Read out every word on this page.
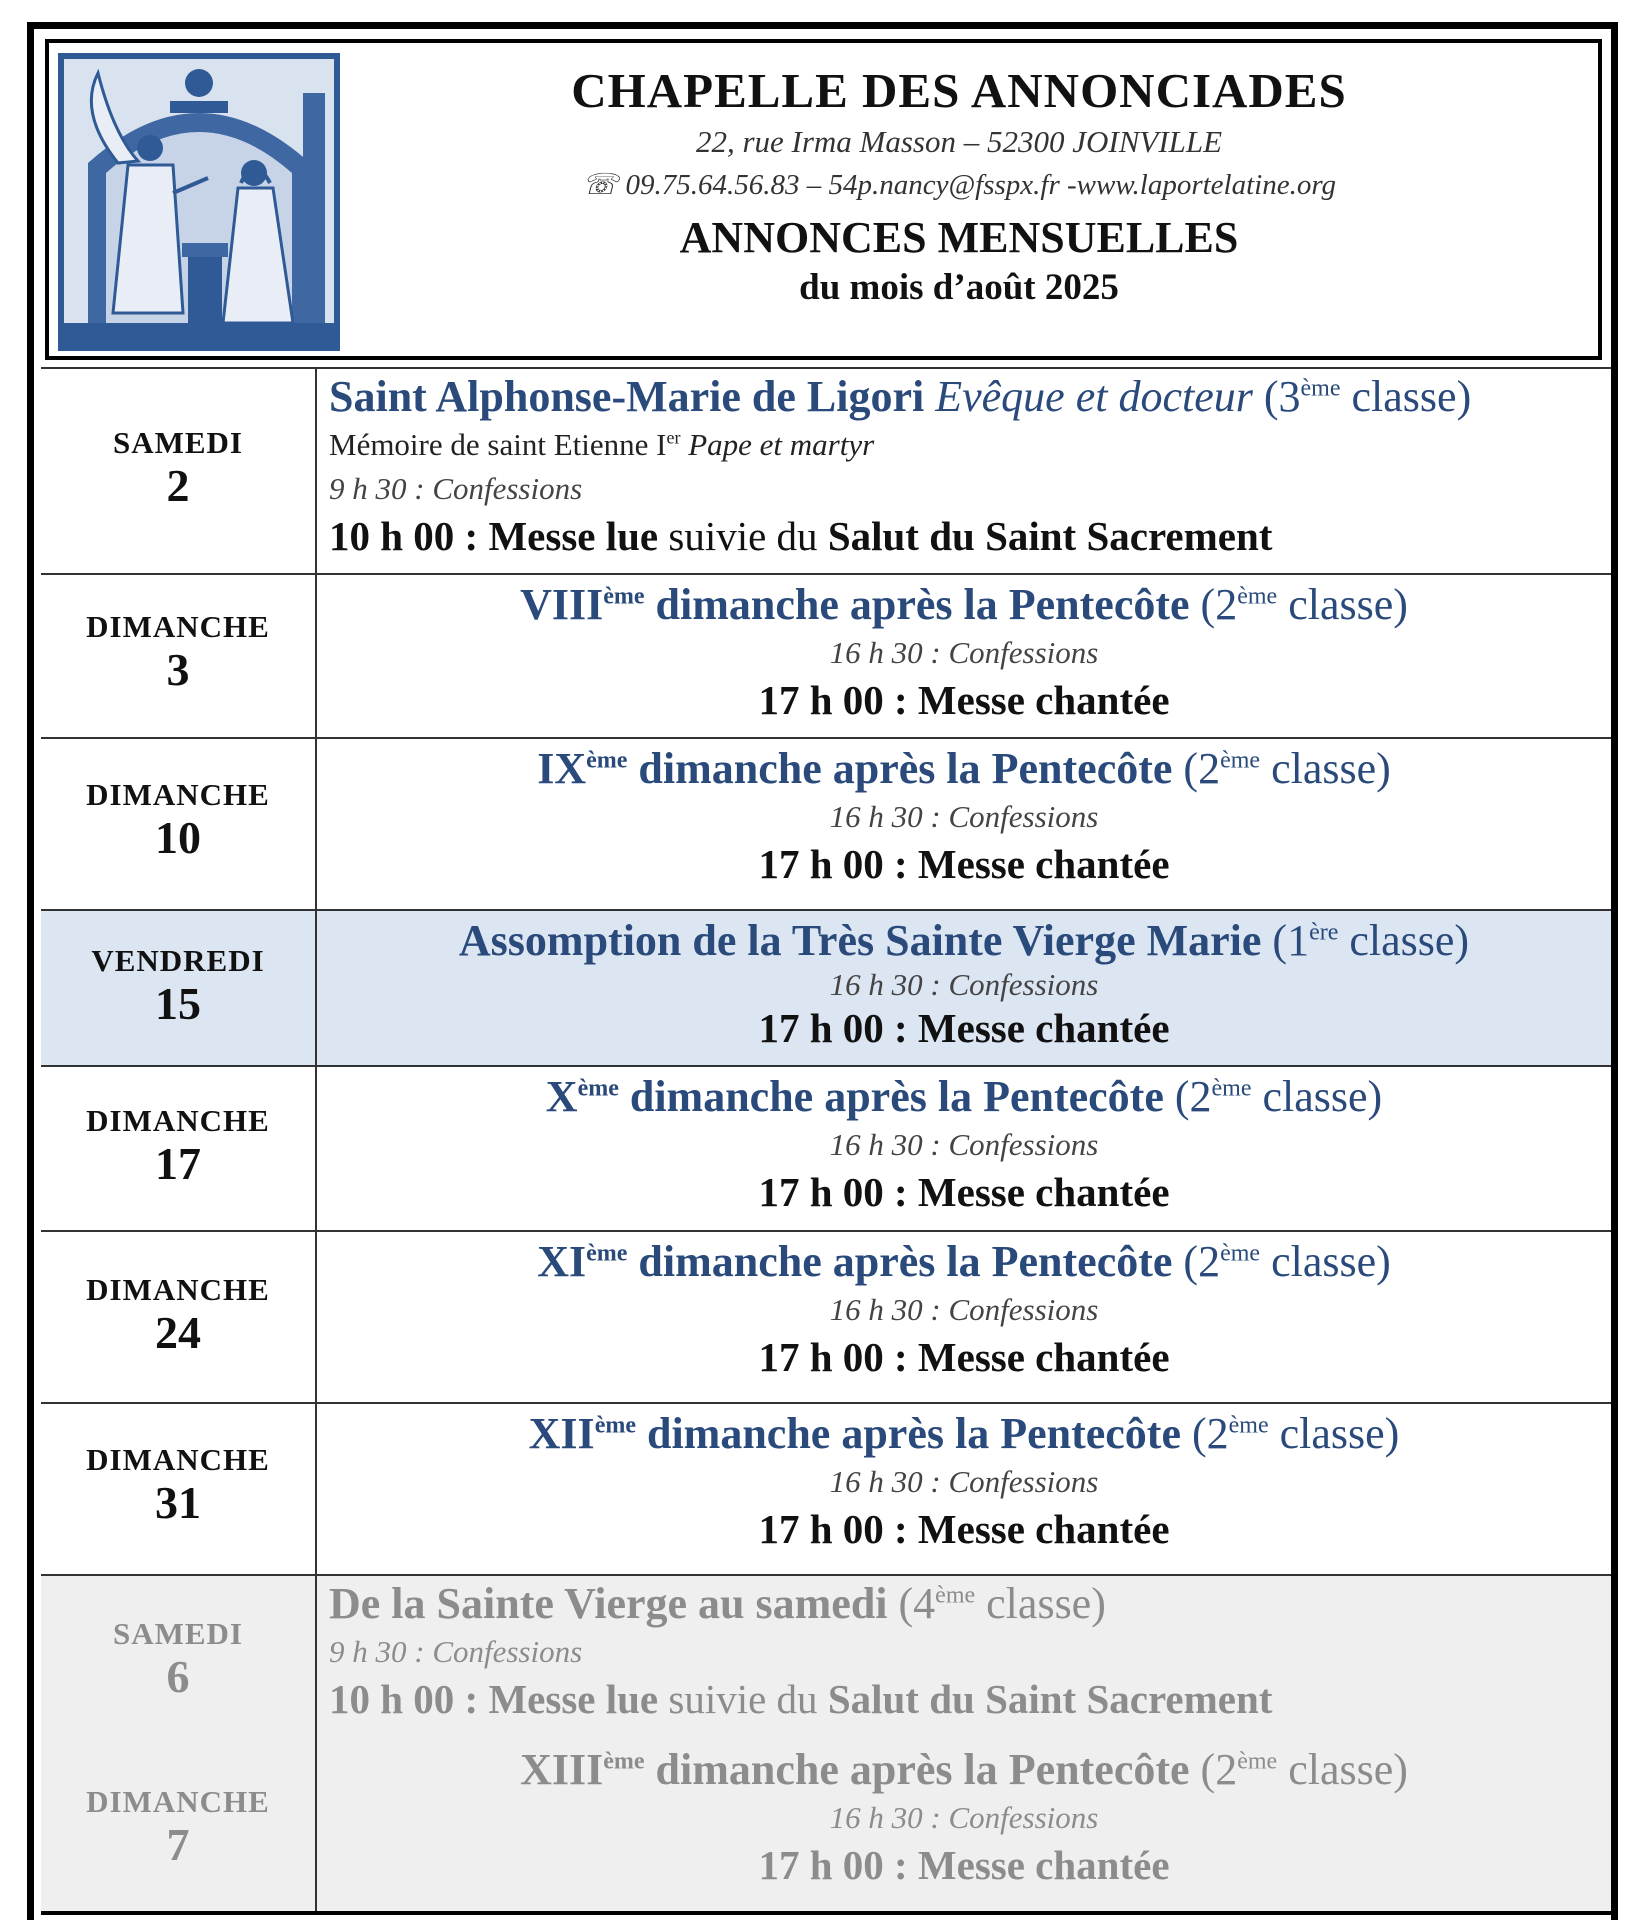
CHAPELLE DES ANNONCIADES
22, rue Irma Masson – 52300 JOINVILLE
☏ 09.75.64.56.83 – 54p.nancy@fsspx.fr -www.laportelatine.org
ANNONCES MENSUELLES
du mois d’août 2025
SAMEDI
2
Saint Alphonse-Marie de Ligori Evêque et docteur (3ème classe)
Mémoire de saint Etienne Ier Pape et martyr
9 h 30 : Confessions
10 h 00 : Messe lue suivie du Salut du Saint Sacrement
DIMANCHE
3
VIIIème dimanche après la Pentecôte (2ème classe)
16 h 30 : Confessions
17 h 00 : Messe chantée
DIMANCHE
10
IXème dimanche après la Pentecôte (2ème classe)
16 h 30 : Confessions
17 h 00 : Messe chantée
VENDREDI
15
Assomption de la Très Sainte Vierge Marie (1ère classe)
16 h 30 : Confessions
17 h 00 : Messe chantée
DIMANCHE
17
Xème dimanche après la Pentecôte (2ème classe)
16 h 30 : Confessions
17 h 00 : Messe chantée
DIMANCHE
24
XIème dimanche après la Pentecôte (2ème classe)
16 h 30 : Confessions
17 h 00 : Messe chantée
DIMANCHE
31
XIIème dimanche après la Pentecôte (2ème classe)
16 h 30 : Confessions
17 h 00 : Messe chantée
SAMEDI
6
DIMANCHE
7
De la Sainte Vierge au samedi (4ème classe)
9 h 30 : Confessions
10 h 00 : Messe lue suivie du Salut du Saint Sacrement
XIIIème dimanche après la Pentecôte (2ème classe)
16 h 30 : Confessions
17 h 00 : Messe chantée
